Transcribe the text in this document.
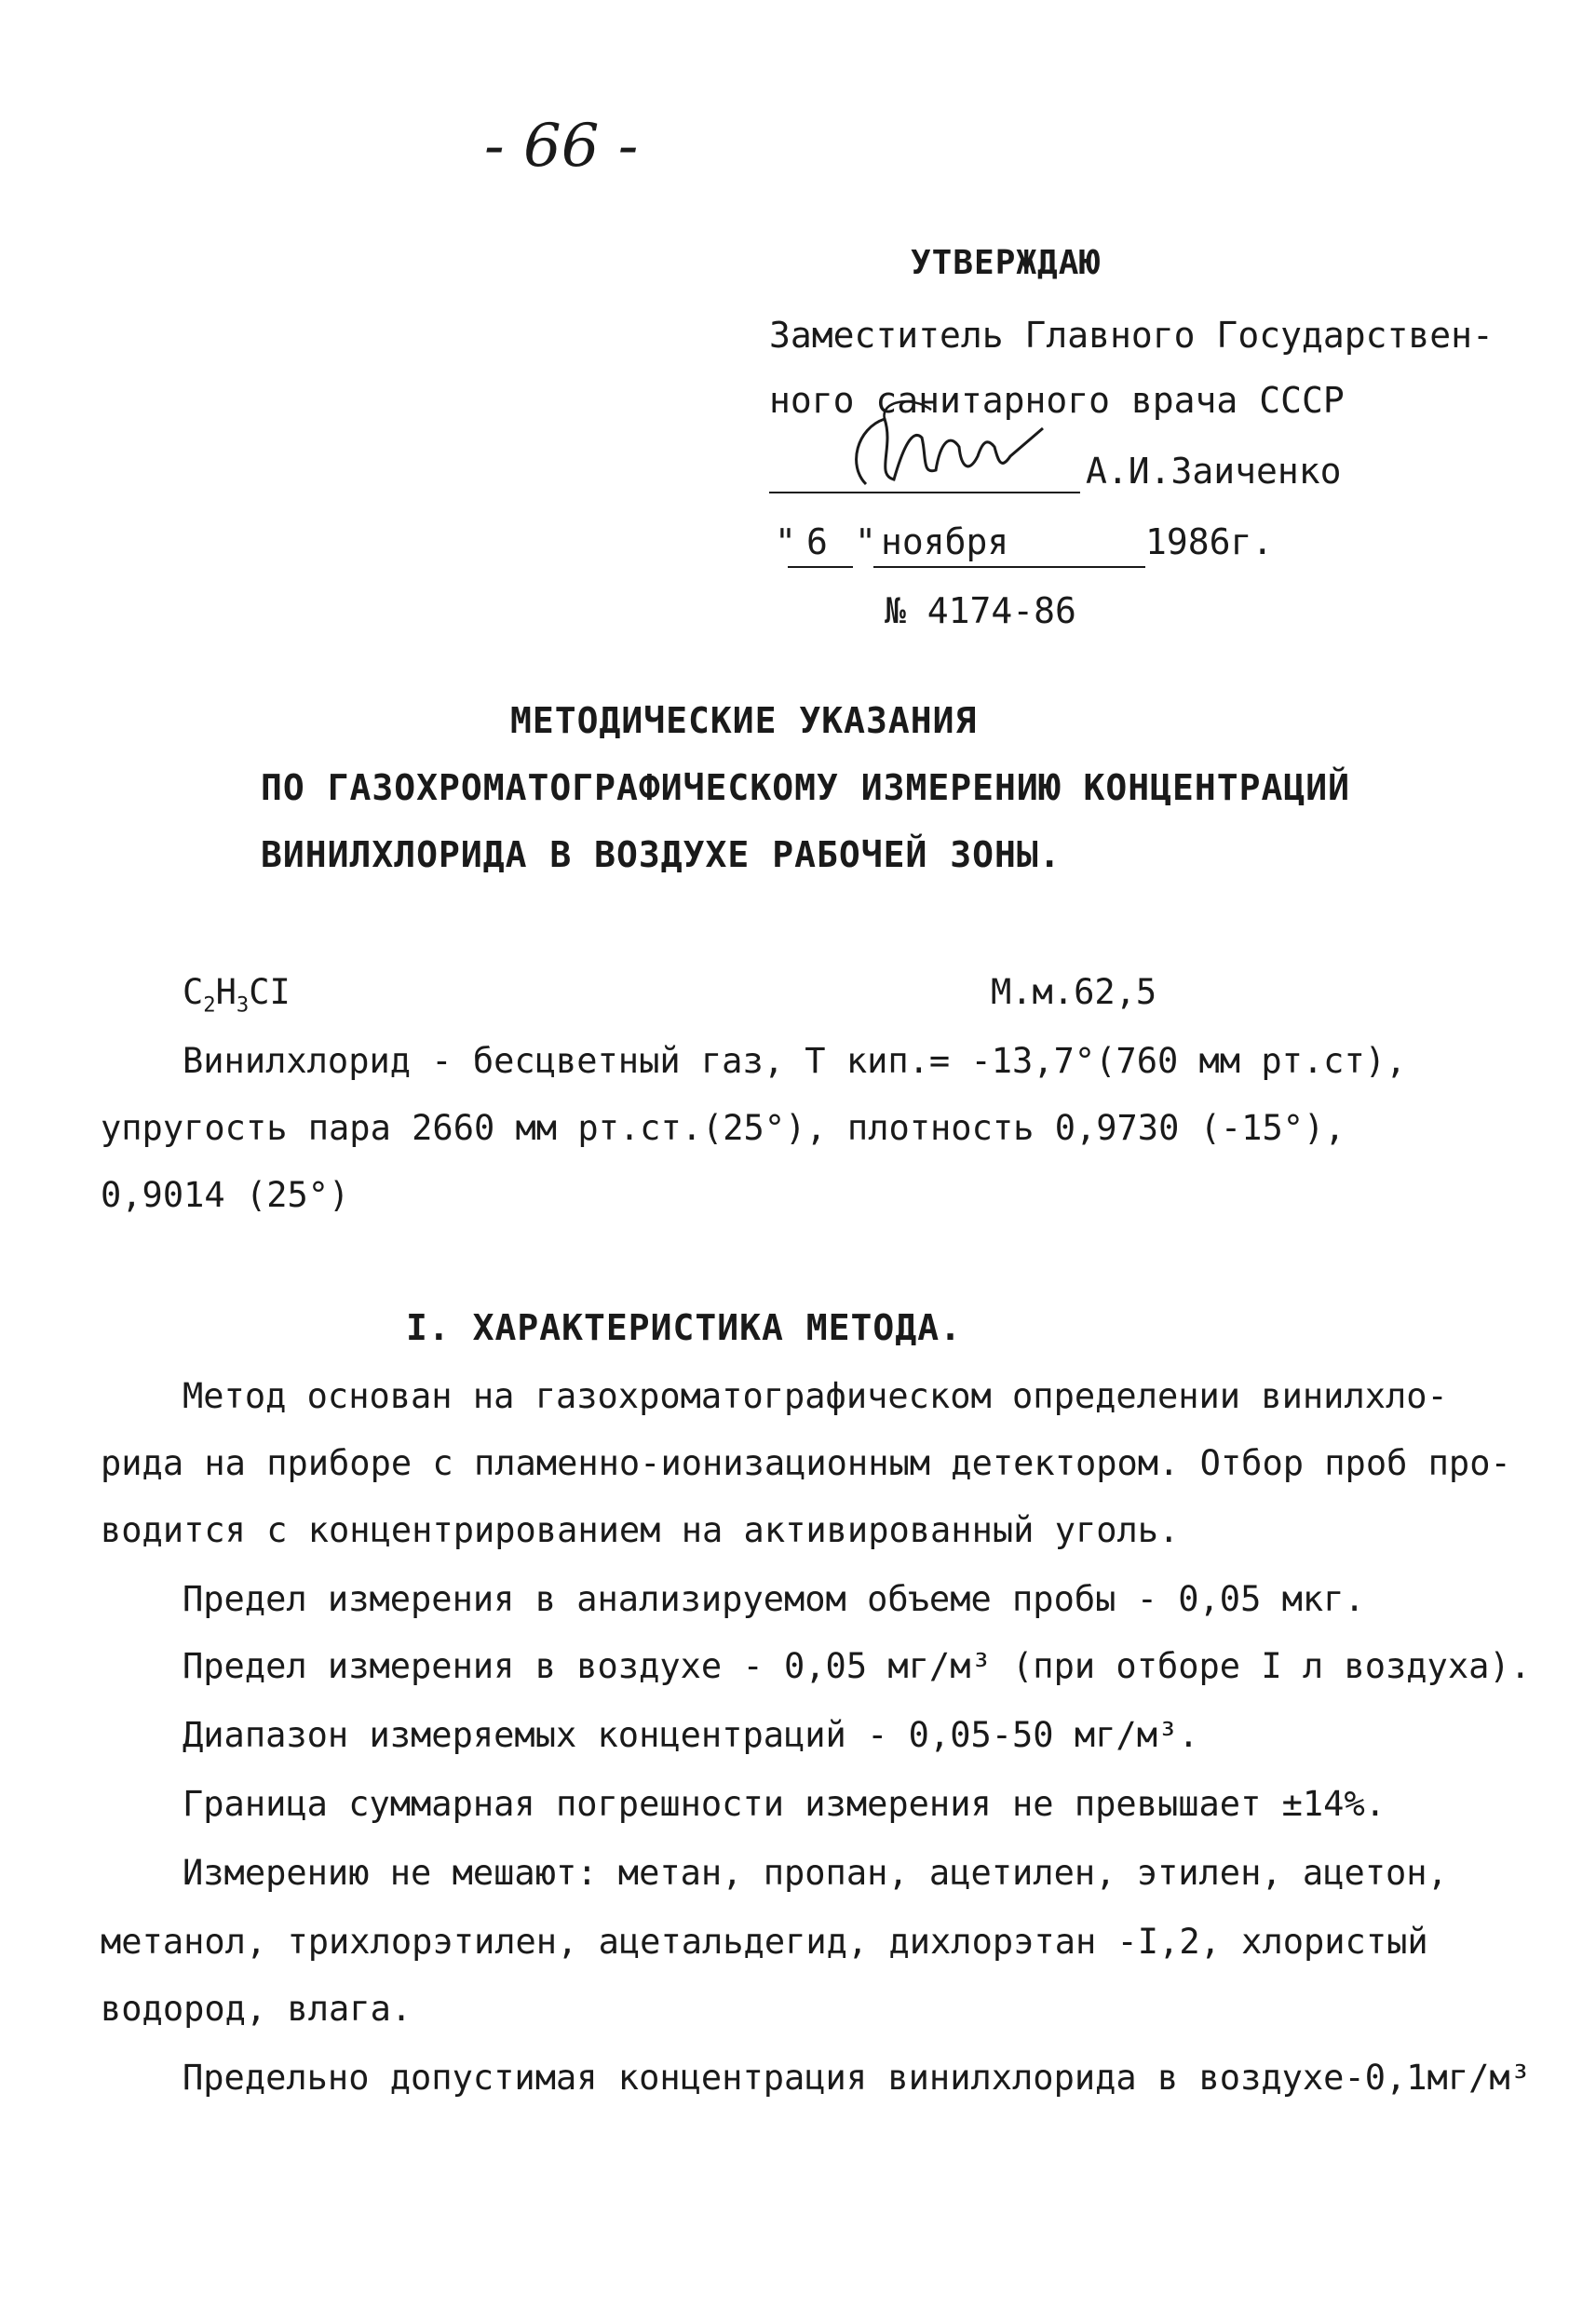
- 66 -
УТВЕРЖДАЮ
Заместитель Главного Государствен-
ного санитарного врача СССР
А.И.Заиченко
" 6 " ноября	1986г.
№ 4174-86
МЕТОДИЧЕСКИЕ УКАЗАНИЯ
ПО ГАЗОХРОМАТОГРАФИЧЕСКОМУ ИЗМЕРЕНИЮ КОНЦЕНТРАЦИЙ
ВИНИЛХЛОРИДА В ВОЗДУХЕ РАБОЧЕЙ ЗОНЫ.
$C_2H_3CI$	М.м.62,5
Винилхлорид - бесцветный газ, Т кип.= -13,7°(760 мм рт.ст),
упругость пара 2660 мм рт.ст.(25°), плотность 0,9730 (-15°),
0,9014 (25°)
I. ХАРАКТЕРИСТИКА МЕТОДА.
Метод основан на газохроматографическом определении винилхло-
рида на приборе с пламенно-ионизационным детектором. Отбор проб про-
водится с концентрированием на активированный уголь.
Предел измерения в анализируемом объеме пробы - 0,05 мкг.
Предел измерения в воздухе - 0,05 мг/м³ (при отборе I л воздуха).
Диапазон измеряемых концентраций - 0,05-50 мг/м³.
Граница суммарная погрешности измерения не превышает ±14%.
Измерению не мешают: метан, пропан, ацетилен, этилен, ацетон,
метанол, трихлорэтилен, ацетальдегид, дихлорэтан -I,2, хлористый
водород, влага.
Предельно допустимая концентрация винилхлорида в воздухе-0,1мг/м³
